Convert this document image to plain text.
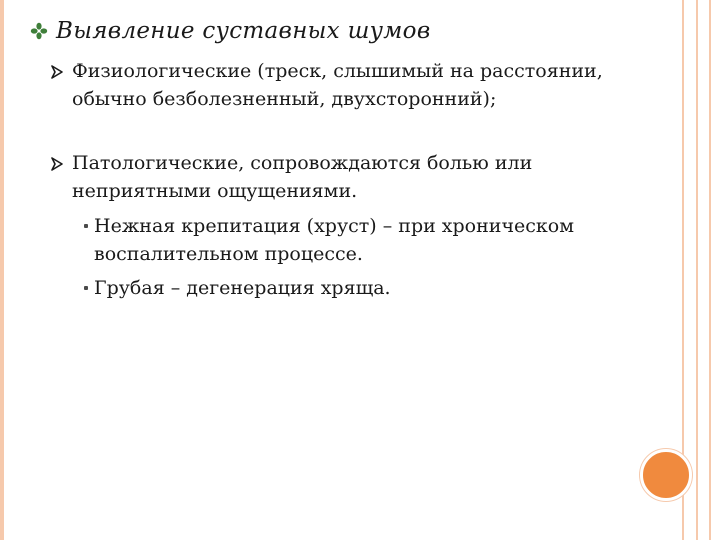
Выявление суставных шумов
Физиологические (треск, слышимый на расстоянии, обычно безболезненный, двухсторонний);
Патологические, сопровождаются болью или неприятными ощущениями.
Нежная крепитация (хруст) – при хроническом воспалительном процессе.
Грубая – дегенерация хряща.
